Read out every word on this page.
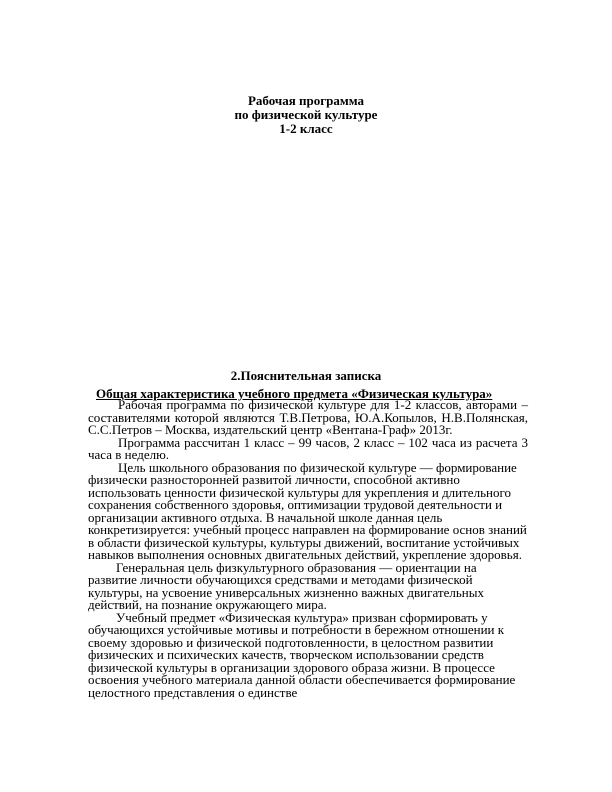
Рабочая программа
по физической культуре
1-2 класс
2.Пояснительная записка
Общая характеристика учебного предмета «Физическая культура»

Рабочая программа по физической культуре для 1-2 классов, авторами – составителями которой являются Т.В.Петрова, Ю.А.Копылов, Н.В.Полянская, С.С.Петров – Москва, издательский центр «Вентана-Граф» 2013г.

Программа рассчитан 1 класс – 99 часов, 2 класс – 102 часа из расчета 3 часа в неделю.

Цель школьного образования по физической культуре — формирование физически разносторонней развитой личности, способной активно использовать ценности физической культуры для укрепления и длительного сохранения собственного здоровья, оптимизации трудовой деятельности и организации активного отдыха. В начальной школе данная цель конкретизируется: учебный процесс направлен на формирование основ знаний в области физической культуры, культуры движений, воспитание устойчивых навыков выполнения основных двигательных действий, укрепление здоровья.

Генеральная цель физкультурного образования — ориентации на развитие личности обучающихся средствами и методами физической культуры, на усвоение универсальных жизненно важных двигательных действий, на познание окружающего мира.

Учебный предмет «Физическая культура» призван сформировать у обучающихся устойчивые мотивы и потребности в бережном отношении к своему здоровью и физической подготовленности, в целостном развитии физических и психических качеств, творческом использовании средств физической культуры в организации здорового образа жизни. В процессе освоения учебного материала данной области обеспечивается формирование целостного представления о единстве
